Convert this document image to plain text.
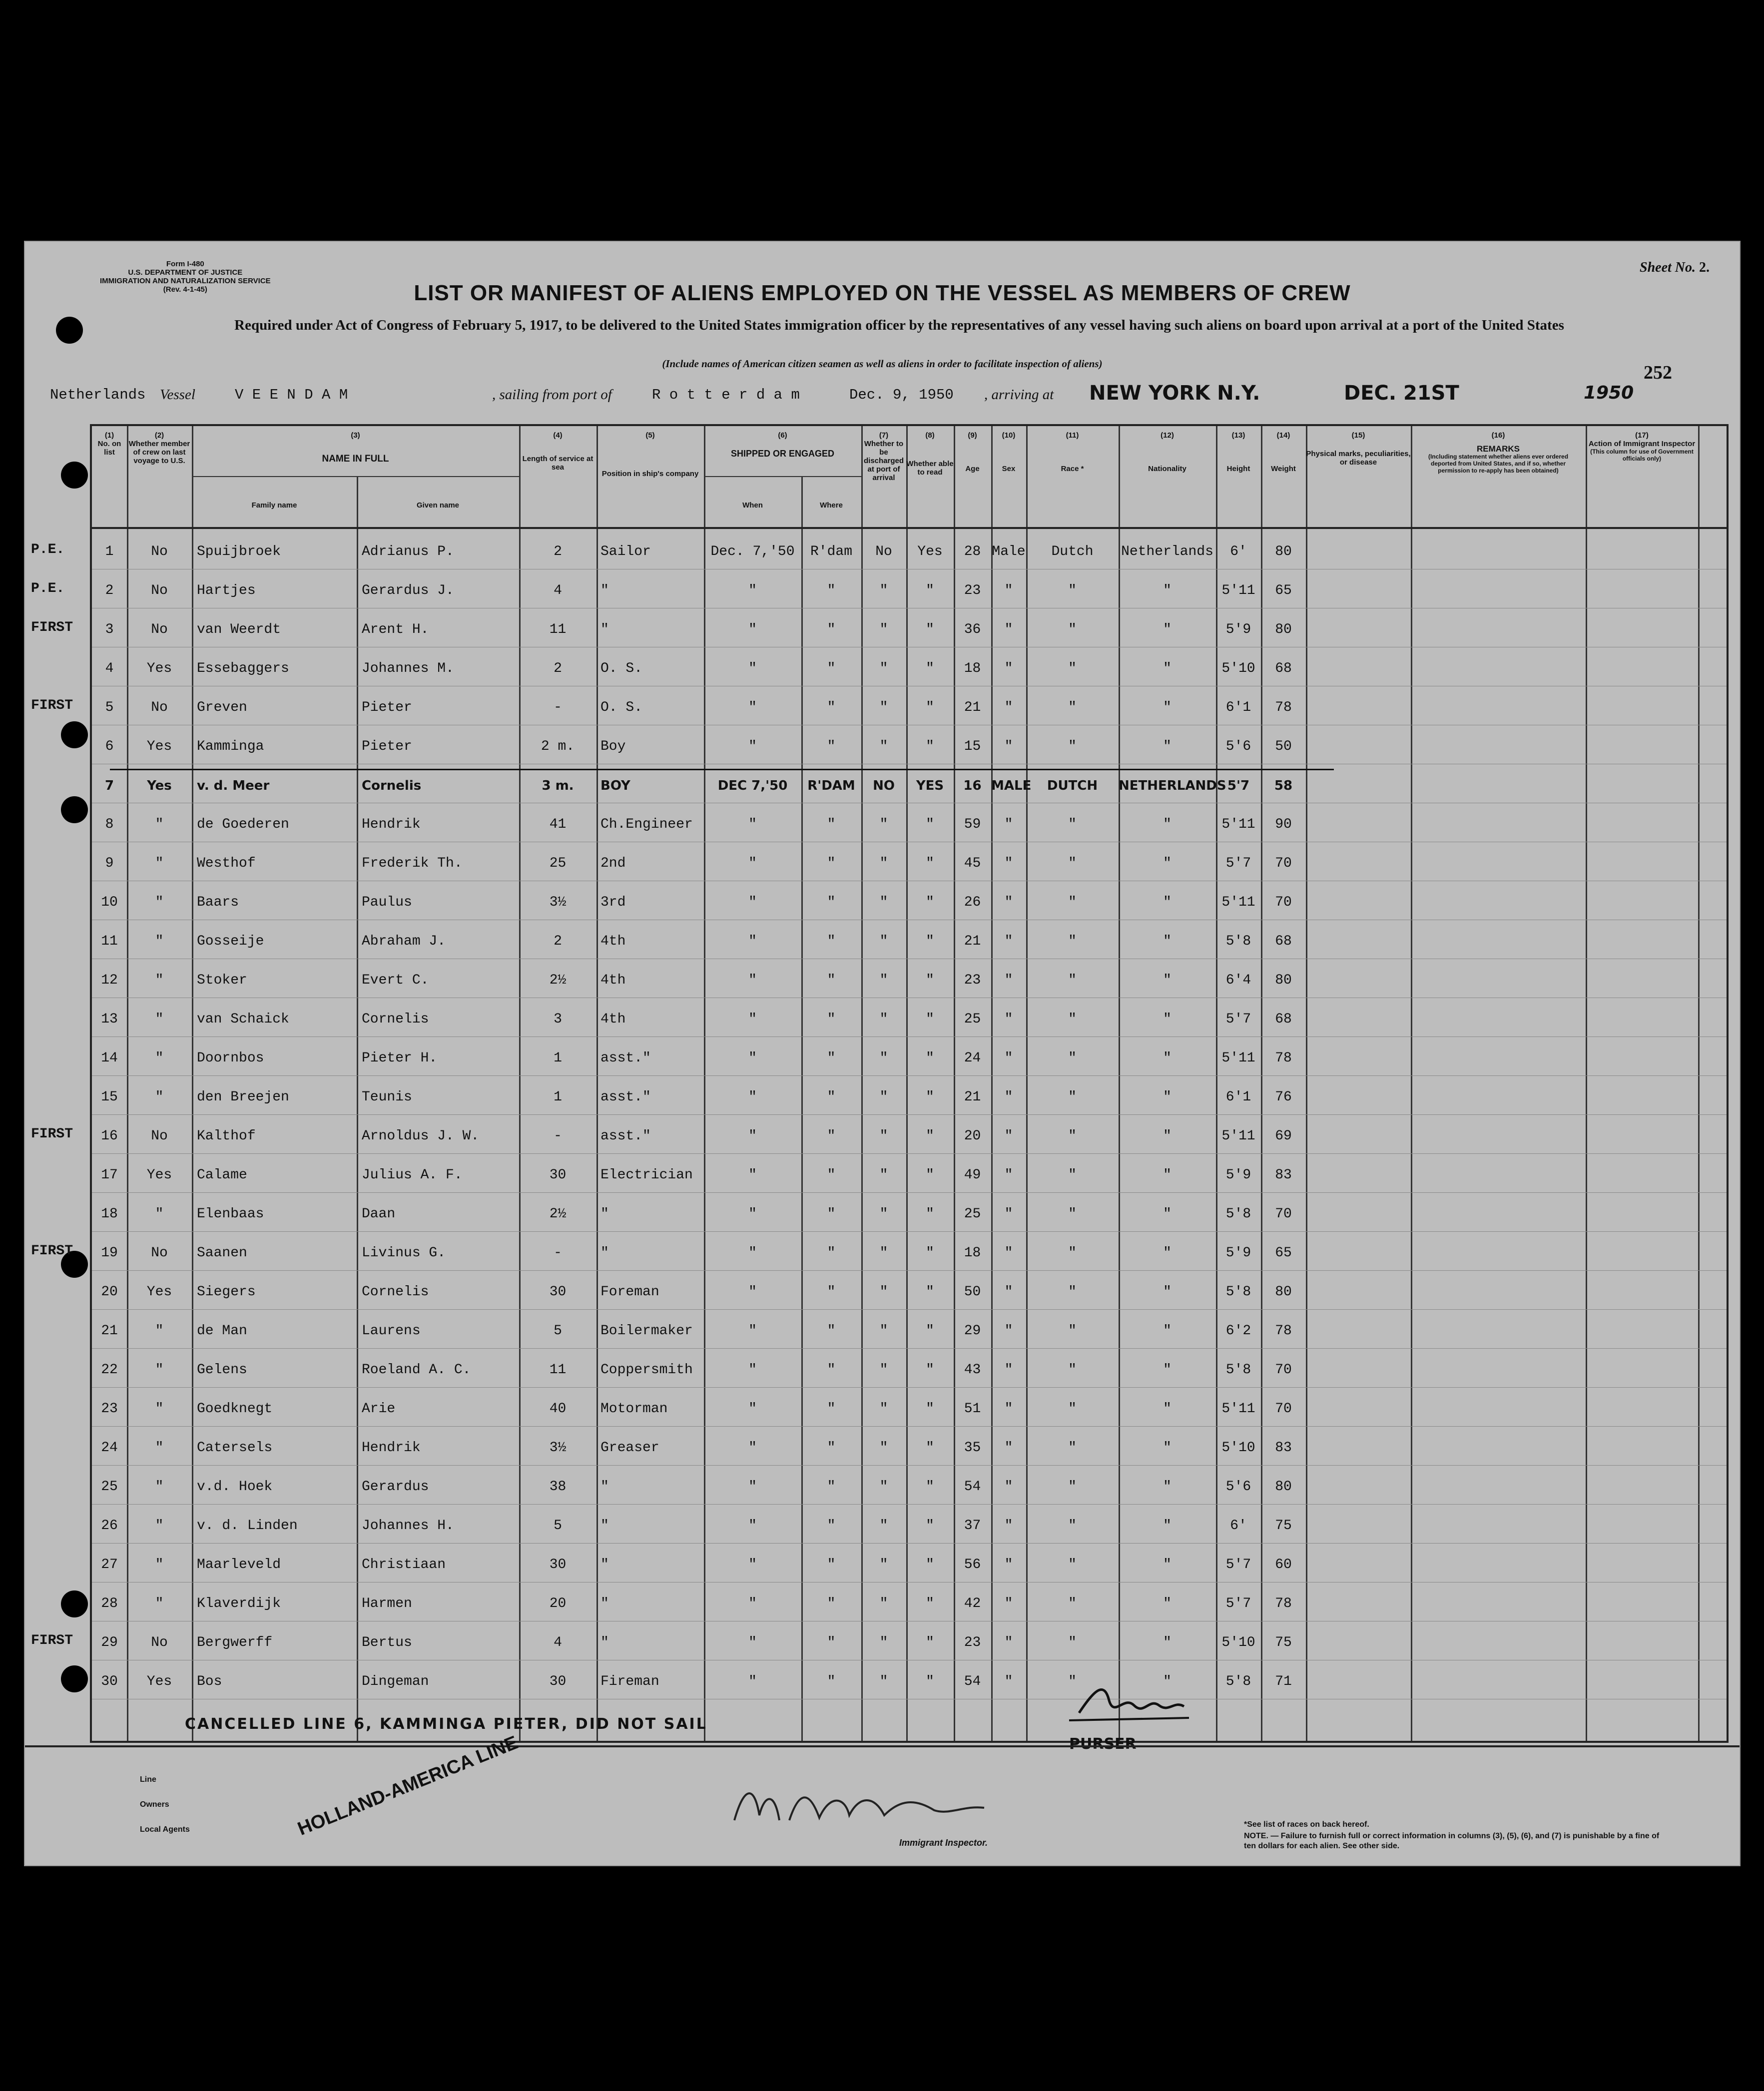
Form I-480
U.S. DEPARTMENT OF JUSTICE
IMMIGRATION AND NATURALIZATION SERVICE
(Rev. 4-1-45)
Sheet No. 2.
LIST OR MANIFEST OF ALIENS EMPLOYED ON THE VESSEL AS MEMBERS OF CREW
Required under Act of Congress of February 5, 1917, to be delivered to the United States immigration officer by the representatives of any vessel having such aliens on board upon arrival at a port of the United States
(Include names of American citizen seamen as well as aliens in order to facilitate inspection of aliens)	252
Netherlands Vessel	V E E N D A M	, sailing from port of	R o t t e r d a m	Dec. 9, 1950 , arriving at NEW YORK N.Y.	DEC. 21ST	1950
(1)
No. on list
(2)
Whether member of crew on last voyage to U.S.
(3)
NAME IN FULL
Family name	Given name
(4)
Length of service at sea
(5)
Position in ship's company
(6)
SHIPPED OR ENGAGED
When	Where
(7)
Whether to be discharged at port of arrival
(8)
Whether able to read
(9)
Age
(10)
Sex
(11)
Race *
(12)
Nationality
(13)
Height
(14)
Weight
(15)
Physical marks, peculiarities, or disease
(16)
REMARKS
(Including statement whether aliens ever ordered deported from United States, and if so, whether permission to re-apply has been obtained)
(17)
Action of Immigrant Inspector
(This column for use of Government officials only)
1	No	Spuijbroek	Adrianus P.	2	Sailor	Dec. 7,'50	R'dam	No	Yes	28 Male	Dutch	Netherlands	6'	80
2	No	Hartjes	Gerardus J.	4	"	"	"	"	"	23	"	"	"	5'11	65
3	No	van Weerdt	Arent H.	11	"	"	"	"	"	36	"	"	"	5'9	80
4	Yes	Essebaggers	Johannes M.	2	O. S.	"	"	"	"	18	"	"	"	5'10	68
5	No	Greven	Pieter	-	O. S.	"	"	"	"	21	"	"	"	6'1	78
6	Yes	Kamminga	Pieter	2 m.	Boy	"	"	"	"	15	"	"	"	5'6	50
7	Yes	v. d. Meer	Cornelis	3 m.	BOY	DEC 7,'50	R'DAM	NO	YES	16 MALE	DUTCH	NETHERLANDS 5'7	58
8	"	de Goederen	Hendrik	41	Ch.Engineer	"	"	"	"	59	"	"	"	5'11	90
9	"	Westhof	Frederik Th.	25	2nd	"	"	"	"	45	"	"	"	5'7	70
10	"	Baars	Paulus	3½	3rd	"	"	"	"	26	"	"	"	5'11	70
11	"	Gosseije	Abraham J.	2	4th	"	"	"	"	21	"	"	"	5'8	68
12	"	Stoker	Evert C.	2½	4th	"	"	"	"	23	"	"	"	6'4	80
13	"	van Schaick	Cornelis	3	4th	"	"	"	"	25	"	"	"	5'7	68
14	"	Doornbos	Pieter H.	1	asst."	"	"	"	"	24	"	"	"	5'11	78
15	"	den Breejen	Teunis	1	asst."	"	"	"	"	21	"	"	"	6'1	76
16	No	Kalthof	Arnoldus J. W.	-	asst."	"	"	"	"	20	"	"	"	5'11	69
17	Yes	Calame	Julius A. F.	30	Electrician	"	"	"	"	49	"	"	"	5'9	83
18	"	Elenbaas	Daan	2½	"	"	"	"	"	25	"	"	"	5'8	70
19	No	Saanen	Livinus G.	-	"	"	"	"	"	18	"	"	"	5'9	65
20	Yes	Siegers	Cornelis	30	Foreman	"	"	"	"	50	"	"	"	5'8	80
21	"	de Man	Laurens	5	Boilermaker	"	"	"	"	29	"	"	"	6'2	78
22	"	Gelens	Roeland A. C.	11	Coppersmith	"	"	"	"	43	"	"	"	5'8	70
23	"	Goedknegt	Arie	40	Motorman	"	"	"	"	51	"	"	"	5'11	70
24	"	Catersels	Hendrik	3½	Greaser	"	"	"	"	35	"	"	"	5'10	83
25	"	v.d. Hoek	Gerardus	38	"	"	"	"	"	54	"	"	"	5'6	80
26	"	v. d. Linden	Johannes H.	5	"	"	"	"	"	37	"	"	"	6'	75
27	"	Maarleveld	Christiaan	30	"	"	"	"	"	56	"	"	"	5'7	60
28	"	Klaverdijk	Harmen	20	"	"	"	"	"	42	"	"	"	5'7	78
29	No	Bergwerff	Bertus	4	"	"	"	"	"	23	"	"	"	5'10	75
30	Yes	Bos	Dingeman	30	Fireman	"	"	"	"	54	"	"	"	5'8	71
CANCELLED LINE 6, KAMMINGA PIETER, DID NOT SAIL
PURSER
Line
Owners
Local Agents	HOLLAND-AMERICA LINE
Immigrant Inspector.
*See list of races on back hereof.
NOTE. — Failure to furnish full or correct information in columns (3), (5), (6), and (7) is punishable by a fine of ten dollars for each alien. See other side.
P.E.
P.E.
FIRST
FIRST
FIRST
FIRST
FIRST
